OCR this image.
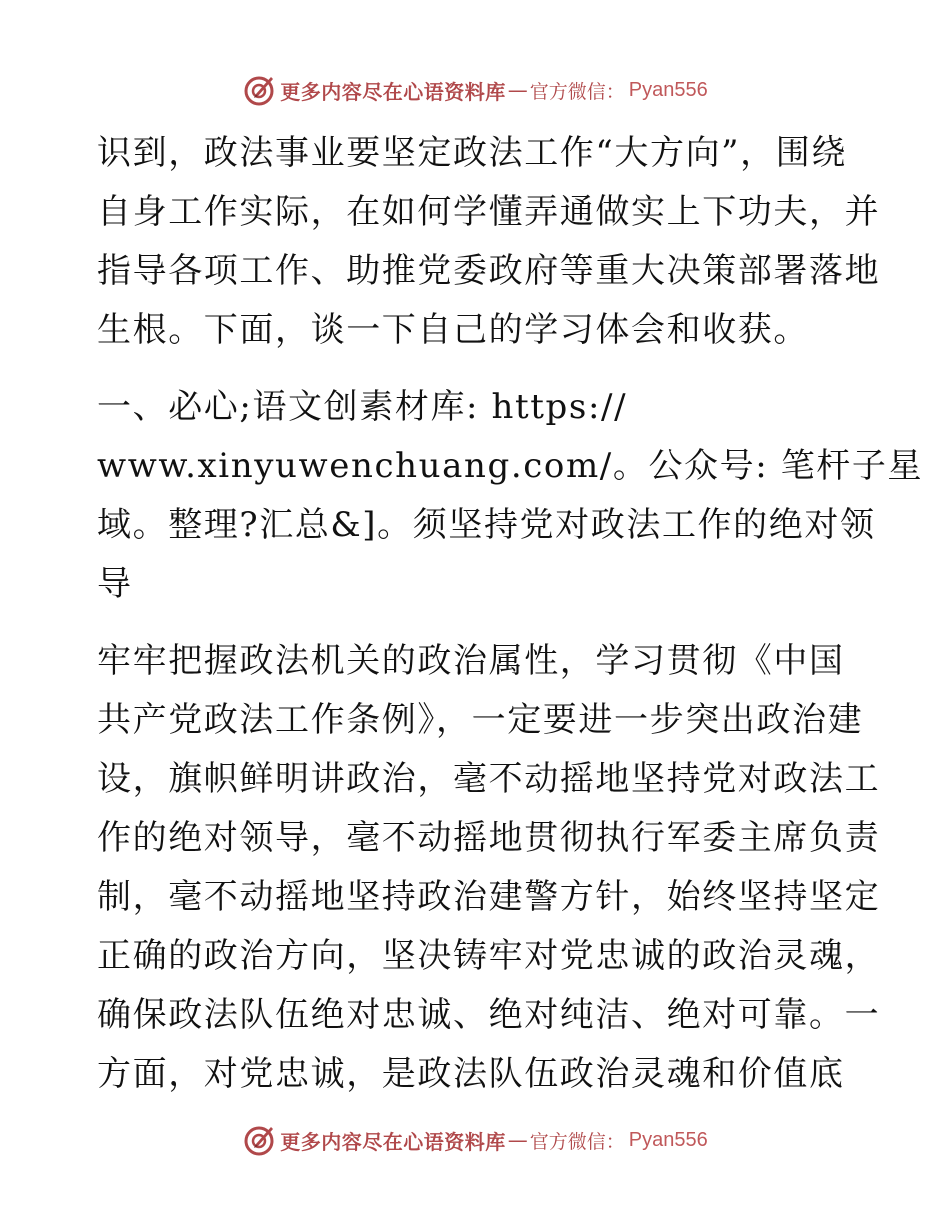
更多内容尽在心语资料库 — 官方微信： Pyan556
识到，政法事业要坚定政法工作“大方向”，围绕
自身工作实际，在如何学懂弄通做实上下功夫，并
指导各项工作、助推党委政府等重大决策部署落地
生根。下面，谈一下自己的学习体会和收获。
一、必心;语文创素材库: https://
www.xinyuwenchuang.com/。公众号: 笔杆子星
域。整理?汇总&]。须坚持党对政法工作的绝对领
导
牢牢把握政法机关的政治属性，学习贯彻《中国
共产党政法工作条例》，一定要进一步突出政治建
设，旗帜鲜明讲政治，毫不动摇地坚持党对政法工
作的绝对领导，毫不动摇地贯彻执行军委主席负责
制，毫不动摇地坚持政治建警方针，始终坚持坚定
正确的政治方向，坚决铸牢对党忠诚的政治灵魂，
确保政法队伍绝对忠诚、绝对纯洁、绝对可靠。一
方面，对党忠诚，是政法队伍政治灵魂和价值底
更多内容尽在心语资料库 — 官方微信： Pyan556
